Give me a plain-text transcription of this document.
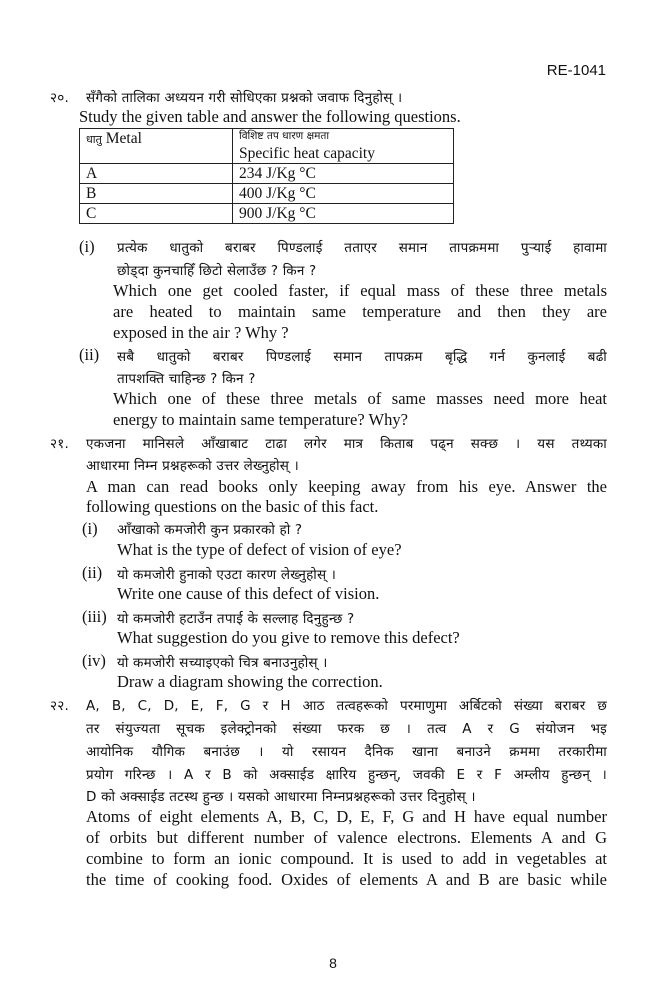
RE-1041
२०. सँगैको तालिका अध्ययन गरी सोधिएका प्रश्नको जवाफ दिनुहोस् ।
Study the given table and answer the following questions.
धातु Metal	विशिष्ट तप धारण क्षमता
Specific heat capacity
A	234 J/Kg °C
B	400 J/Kg °C
C	900 J/Kg °C
(i) प्रत्येक धातुको बराबर पिण्डलाई तताएर समान तापक्रममा पुर्‍याई हावामा
छोड्दा कुनचाहिँ छिटो सेलाउँछ ? किन ?
Which one get cooled faster, if equal mass of these three metals
are heated to maintain same temperature and then they are
exposed in the air ? Why ?
(ii) सबै धातुको बराबर पिण्डलाई समान तापक्रम बृद्धि गर्न कुनलाई बढी
तापशक्ति चाहिन्छ ? किन ?
Which one of these three metals of same masses need more heat
energy to maintain same temperature? Why?
२१. एकजना मानिसले आँखाबाट टाढा लगेर मात्र किताब पढ्न सक्छ । यस तथ्यका
आधारमा निम्न प्रश्नहरूको उत्तर लेख्नुहोस् ।
A man can read books only keeping away from his eye. Answer the
following questions on the basic of this fact.
(i) आँखाको कमजोरी कुन प्रकारको हो ?
What is the type of defect of vision of eye?
(ii) यो कमजोरी हुनाको एउटा कारण लेख्नुहोस् ।
Write one cause of this defect of vision.
(iii) यो कमजोरी हटाउँन तपाई के सल्लाह दिनुहुन्छ ?
What suggestion do you give to remove this defect?
(iv) यो कमजोरी सच्याइएको चित्र बनाउनुहोस् ।
Draw a diagram showing the correction.
२२. A, B, C, D, E, F, G र H आठ तत्वहरूको परमाणुमा अर्बिटको संख्या बराबर छ
तर संयुज्यता सूचक इलेक्ट्रोनको संख्या फरक छ । तत्व A र G संयोजन भइ
आयोनिक यौगिक बनाउंछ । यो रसायन दैनिक खाना बनाउने क्रममा तरकारीमा
प्रयोग गरिन्छ । A र B को अक्साईड क्षारिय हुन्छन्, जवकी E र F अम्लीय हुन्छन् ।
D को अक्साईड तटस्थ हुन्छ । यसको आधारमा निम्नप्रश्नहरूको उत्तर दिनुहोस् ।
Atoms of eight elements A, B, C, D, E, F, G and H have equal number
of orbits but different number of valence electrons. Elements A and G
combine to form an ionic compound. It is used to add in vegetables at
the time of cooking food. Oxides of elements A and B are basic while
8
